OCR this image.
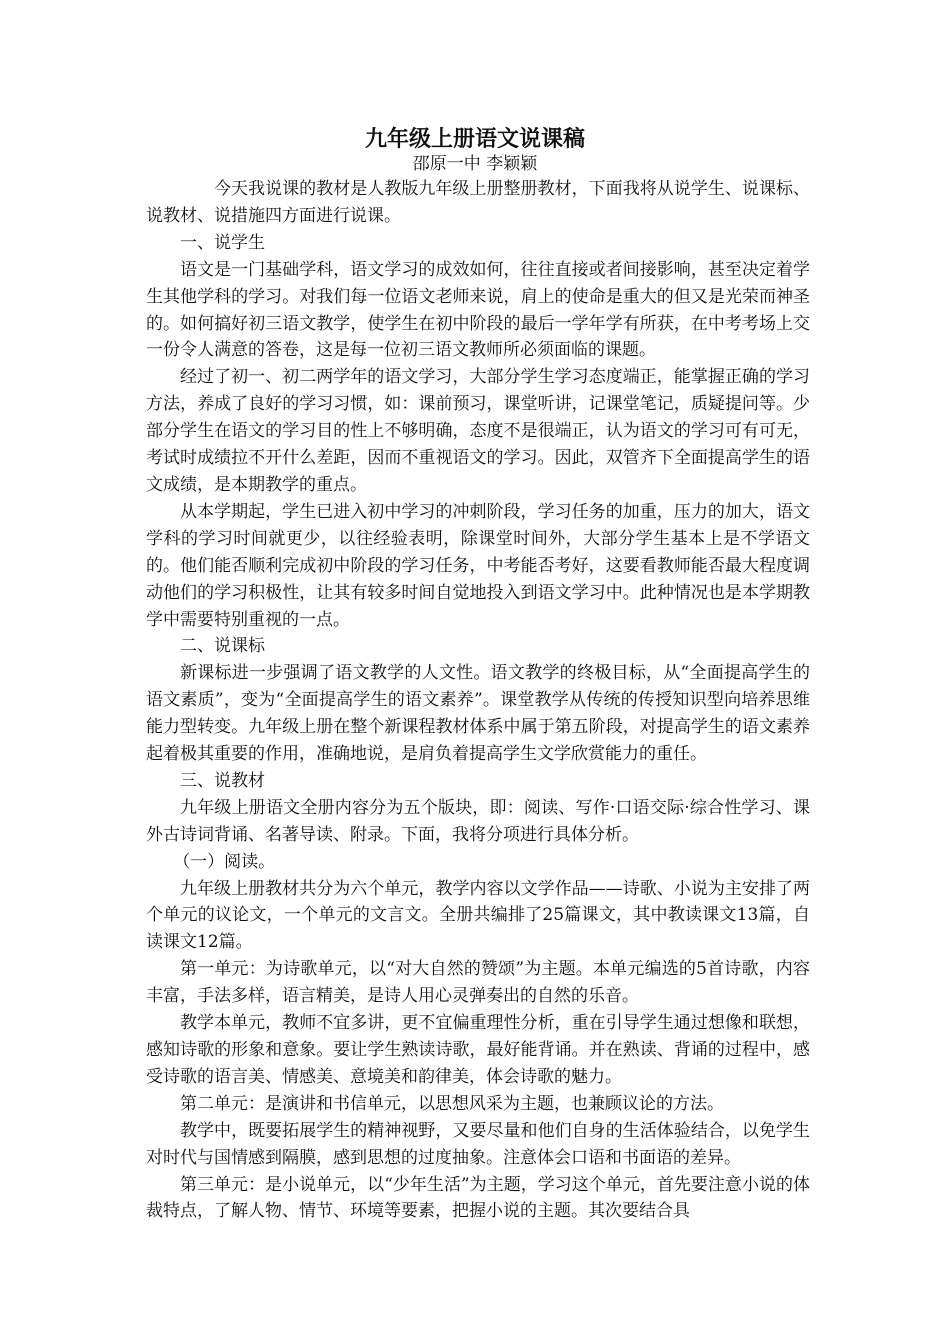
九年级上册语文说课稿
邵原一中 李颖颖

今天我说课的教材是人教版九年级上册整册教材，下面我将从说学生、说课标、说教材、说措施四方面进行说课。

一、说学生

语文是一门基础学科，语文学习的成效如何，往往直接或者间接影响，甚至决定着学生其他学科的学习。对我们每一位语文老师来说，肩上的使命是重大的但又是光荣而神圣的。如何搞好初三语文教学，使学生在初中阶段的最后一学年学有所获，在中考考场上交一份令人满意的答卷，这是每一位初三语文教师所必须面临的课题。

经过了初一、初二两学年的语文学习，大部分学生学习态度端正，能掌握正确的学习方法，养成了良好的学习习惯，如：课前预习，课堂听讲，记课堂笔记，质疑提问等。少部分学生在语文的学习目的性上不够明确，态度不是很端正，认为语文的学习可有可无，考试时成绩拉不开什么差距，因而不重视语文的学习。因此，双管齐下全面提高学生的语文成绩，是本期教学的重点。

从本学期起，学生已进入初中学习的冲刺阶段，学习任务的加重，压力的加大，语文学科的学习时间就更少，以往经验表明，除课堂时间外，大部分学生基本上是不学语文的。他们能否顺利完成初中阶段的学习任务，中考能否考好，这要看教师能否最大程度调动他们的学习积极性，让其有较多时间自觉地投入到语文学习中。此种情况也是本学期教学中需要特别重视的一点。

二、说课标

新课标进一步强调了语文教学的人文性。语文教学的终极目标，从“全面提高学生的语文素质”，变为“全面提高学生的语文素养”。课堂教学从传统的传授知识型向培养思维能力型转变。九年级上册在整个新课程教材体系中属于第五阶段，对提高学生的语文素养起着极其重要的作用，准确地说，是肩负着提高学生文学欣赏能力的重任。

三、说教材

九年级上册语文全册内容分为五个版块，即：阅读、写作·口语交际·综合性学习、课外古诗词背诵、名著导读、附录。下面，我将分项进行具体分析。

（一）阅读。

九年级上册教材共分为六个单元，教学内容以文学作品——诗歌、小说为主安排了两个单元的议论文，一个单元的文言文。全册共编排了25篇课文，其中教读课文13篇，自读课文12篇。

第一单元：为诗歌单元，以“对大自然的赞颂”为主题。本单元编选的5首诗歌，内容丰富，手法多样，语言精美，是诗人用心灵弹奏出的自然的乐音。

教学本单元，教师不宜多讲，更不宜偏重理性分析，重在引导学生通过想像和联想，感知诗歌的形象和意象。要让学生熟读诗歌，最好能背诵。并在熟读、背诵的过程中，感受诗歌的语言美、情感美、意境美和韵律美，体会诗歌的魅力。

第二单元：是演讲和书信单元，以思想风采为主题，也兼顾议论的方法。

教学中，既要拓展学生的精神视野，又要尽量和他们自身的生活体验结合，以免学生对时代与国情感到隔膜，感到思想的过度抽象。注意体会口语和书面语的差异。

第三单元：是小说单元，以“少年生活”为主题，学习这个单元，首先要注意小说的体裁特点，了解人物、情节、环境等要素，把握小说的主题。其次要结合具
